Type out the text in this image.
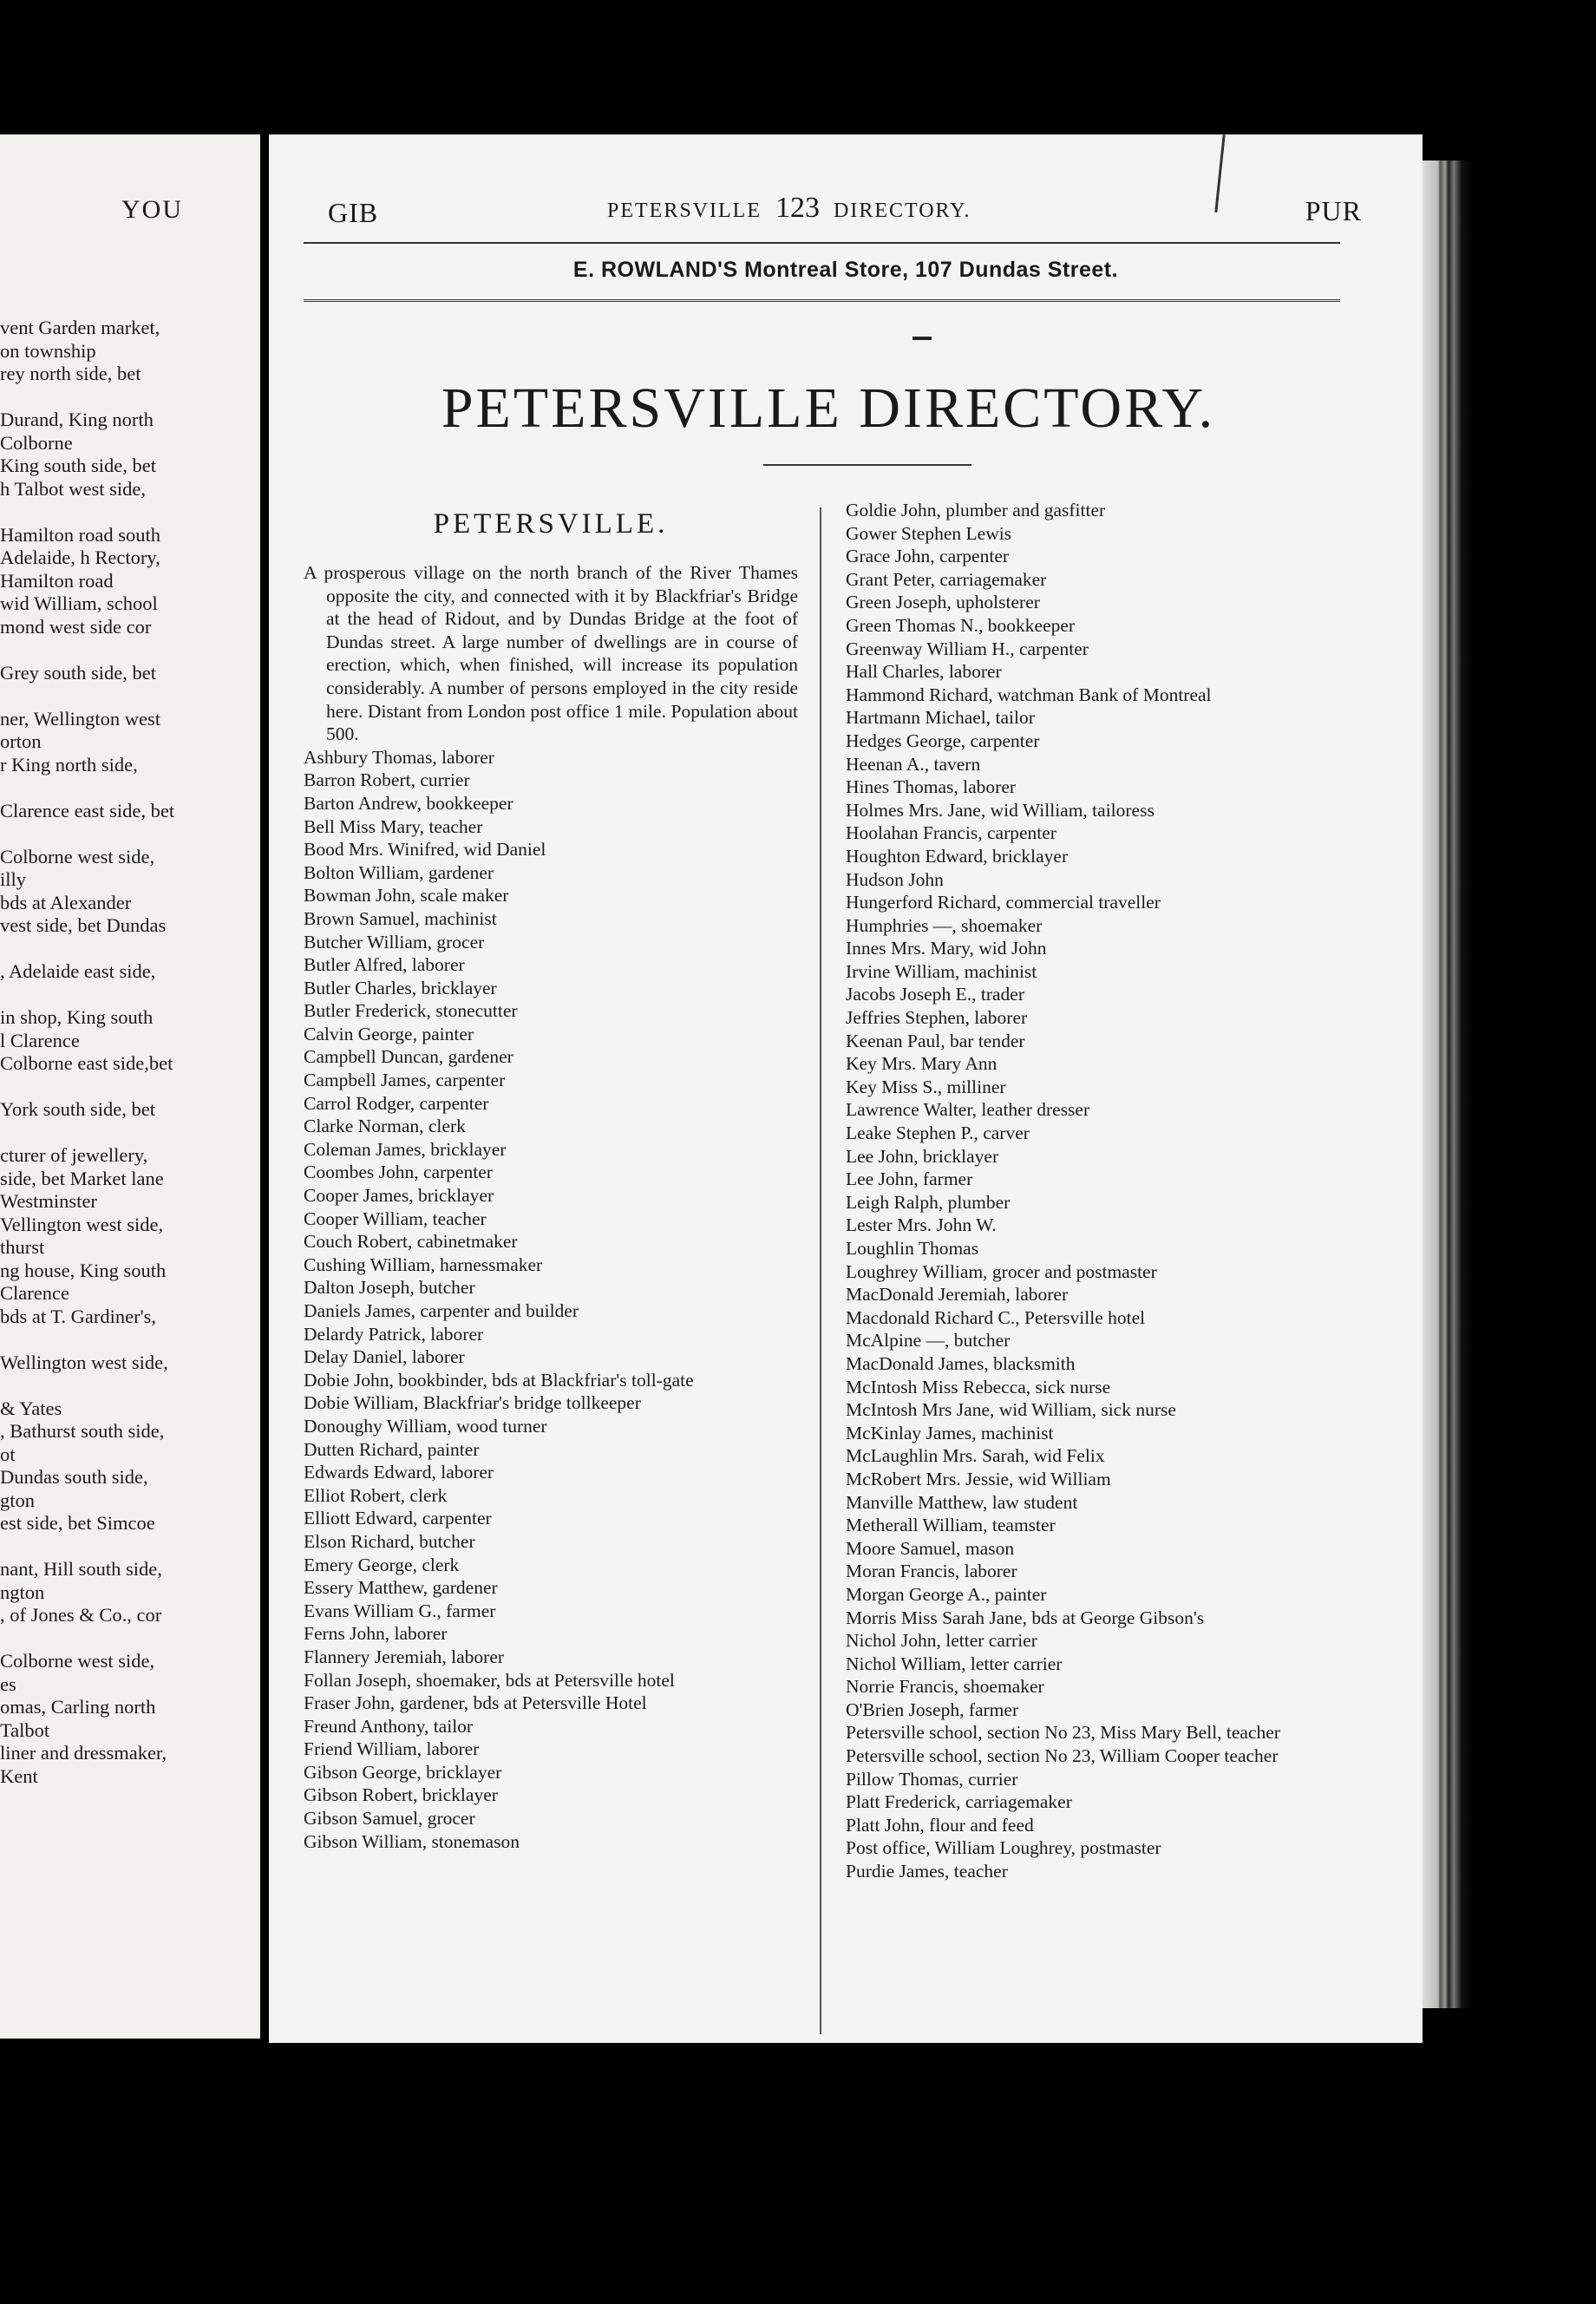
YOU
vent Garden market,
on township
rey north side, bet

Durand, King north
Colborne
King south side, bet
h Talbot west side,

Hamilton road south
Adelaide, h Rectory,
Hamilton road
wid William, school
mond west side cor

Grey south side, bet

ner, Wellington west
orton
r King north side,

Clarence east side, bet

Colborne west side,
illy
bds at Alexander
vest side, bet Dundas

, Adelaide east side,

in shop, King south
l Clarence
Colborne east side,bet

York south side, bet

cturer of jewellery,
side, bet Market lane
Westminster
Vellington west side,
thurst
ng house, King south
Clarence
bds at T. Gardiner's,

Wellington west side,

& Yates
, Bathurst south side,
ot
Dundas south side,
gton
est side, bet Simcoe

nant, Hill south side,
ngton
, of Jones & Co., cor

Colborne west side,
es
omas, Carling north
Talbot
liner and dressmaker,
Kent
GIB	PETERSVILLE 123 DIRECTORY.	PUR
E. ROWLAND'S Montreal Store, 107 Dundas Street.
PETERSVILLE DIRECTORY.
PETERSVILLE.

A prosperous village on the north branch of the River Thames opposite the city, and connected with it by Blackfriar's Bridge at the head of Ridout, and by Dundas Bridge at the foot of Dundas street. A large number of dwellings are in course of erection, which, when finished, will increase its population considerably. A number of persons employed in the city reside here. Distant from London post office 1 mile. Population about 500.

Ashbury Thomas, laborer
Barron Robert, currier
Barton Andrew, bookkeeper
Bell Miss Mary, teacher
Bood Mrs. Winifred, wid Daniel
Bolton William, gardener
Bowman John, scale maker
Brown Samuel, machinist
Butcher William, grocer
Butler Alfred, laborer
Butler Charles, bricklayer
Butler Frederick, stonecutter
Calvin George, painter
Campbell Duncan, gardener
Campbell James, carpenter
Carrol Rodger, carpenter
Clarke Norman, clerk
Coleman James, bricklayer
Coombes John, carpenter
Cooper James, bricklayer
Cooper William, teacher
Couch Robert, cabinetmaker
Cushing William, harnessmaker
Dalton Joseph, butcher
Daniels James, carpenter and builder
Delardy Patrick, laborer
Delay Daniel, laborer
Dobie John, bookbinder, bds at Blackfriar's toll-gate
Dobie William, Blackfriar's bridge tollkeeper
Donoughy William, wood turner
Dutten Richard, painter
Edwards Edward, laborer
Elliot Robert, clerk
Elliott Edward, carpenter
Elson Richard, butcher
Emery George, clerk
Essery Matthew, gardener
Evans William G., farmer
Ferns John, laborer
Flannery Jeremiah, laborer
Follan Joseph, shoemaker, bds at Petersville hotel
Fraser John, gardener, bds at Petersville Hotel
Freund Anthony, tailor
Friend William, laborer
Gibson George, bricklayer
Gibson Robert, bricklayer
Gibson Samuel, grocer
Gibson William, stonemason
Goldie John, plumber and gasfitter
Gower Stephen Lewis
Grace John, carpenter
Grant Peter, carriagemaker
Green Joseph, upholsterer
Green Thomas N., bookkeeper
Greenway William H., carpenter
Hall Charles, laborer
Hammond Richard, watchman Bank of Montreal
Hartmann Michael, tailor
Hedges George, carpenter
Heenan A., tavern
Hines Thomas, laborer
Holmes Mrs. Jane, wid William, tailoress
Hoolahan Francis, carpenter
Houghton Edward, bricklayer
Hudson John
Hungerford Richard, commercial traveller
Humphries —, shoemaker
Innes Mrs. Mary, wid John
Irvine William, machinist
Jacobs Joseph E., trader
Jeffries Stephen, laborer
Keenan Paul, bar tender
Key Mrs. Mary Ann
Key Miss S., milliner
Lawrence Walter, leather dresser
Leake Stephen P., carver
Lee John, bricklayer
Lee John, farmer
Leigh Ralph, plumber
Lester Mrs. John W.
Loughlin Thomas
Loughrey William, grocer and postmaster
MacDonald Jeremiah, laborer
Macdonald Richard C., Petersville hotel
McAlpine —, butcher
MacDonald James, blacksmith
McIntosh Miss Rebecca, sick nurse
McIntosh Mrs Jane, wid William, sick nurse
McKinlay James, machinist
McLaughlin Mrs. Sarah, wid Felix
McRobert Mrs. Jessie, wid William
Manville Matthew, law student
Metherall William, teamster
Moore Samuel, mason
Moran Francis, laborer
Morgan George A., painter
Morris Miss Sarah Jane, bds at George Gibson's
Nichol John, letter carrier
Nichol William, letter carrier
Norrie Francis, shoemaker
O'Brien Joseph, farmer
Petersville school, section No 23, Miss Mary Bell, teacher
Petersville school, section No 23, William Cooper teacher
Pillow Thomas, currier
Platt Frederick, carriagemaker
Platt John, flour and feed
Post office, William Loughrey, postmaster
Purdie James, teacher
